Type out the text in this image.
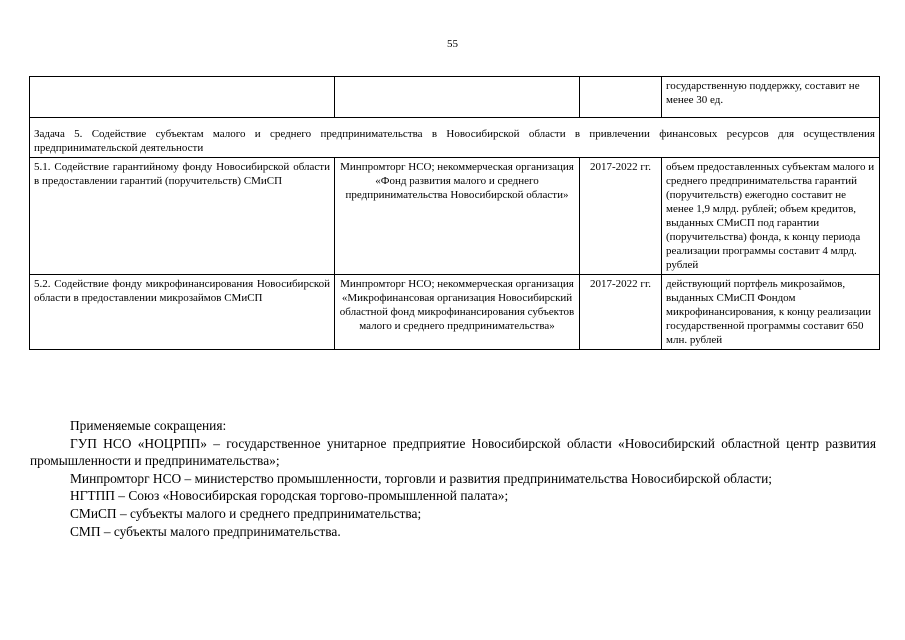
55
			государственную поддержку, составит не менее 30 ед.
Задача 5. Содействие субъектам малого и среднего предпринимательства в Новосибирской области в привлечении финансовых ресурсов для осуществления предпринимательской деятельности			
5.1. Содействие гарантийному фонду Новосибирской области в предоставлении гарантий (поручительств) СМиСП	Минпромторг НСО; некоммерческая организация «Фонд развития малого и среднего предпринимательства Новосибирской области»	2017-2022 гг.	объем предоставленных субъектам малого и среднего предпринимательства гарантий (поручительств) ежегодно составит не менее 1,9 млрд. рублей; объем кредитов, выданных СМиСП под гарантии (поручительства) фонда, к концу периода реализации программы составит 4 млрд. рублей
5.2. Содействие фонду микрофинансирования Новосибирской области в предоставлении микрозаймов СМиСП	Минпромторг НСО; некоммерческая организация «Микрофинансовая организация Новосибирский областной фонд микрофинансирования субъектов малого и среднего предпринимательства»	2017-2022 гг.	действующий портфель микрозаймов, выданных СМиСП Фондом микрофинансирования, к концу реализации государственной программы составит 650 млн. рублей

Применяемые сокращения:

ГУП НСО «НОЦРПП» – государственное унитарное предприятие Новосибирской области «Новосибирский областной центр развития промышленности и предпринимательства»;

Минпромторг НСО – министерство промышленности, торговли и развития предпринимательства Новосибирской области;

НГТПП – Союз «Новосибирская городская торгово-промышленной палата»;

СМиСП – субъекты малого и среднего предпринимательства;

СМП – субъекты малого предпринимательства.
